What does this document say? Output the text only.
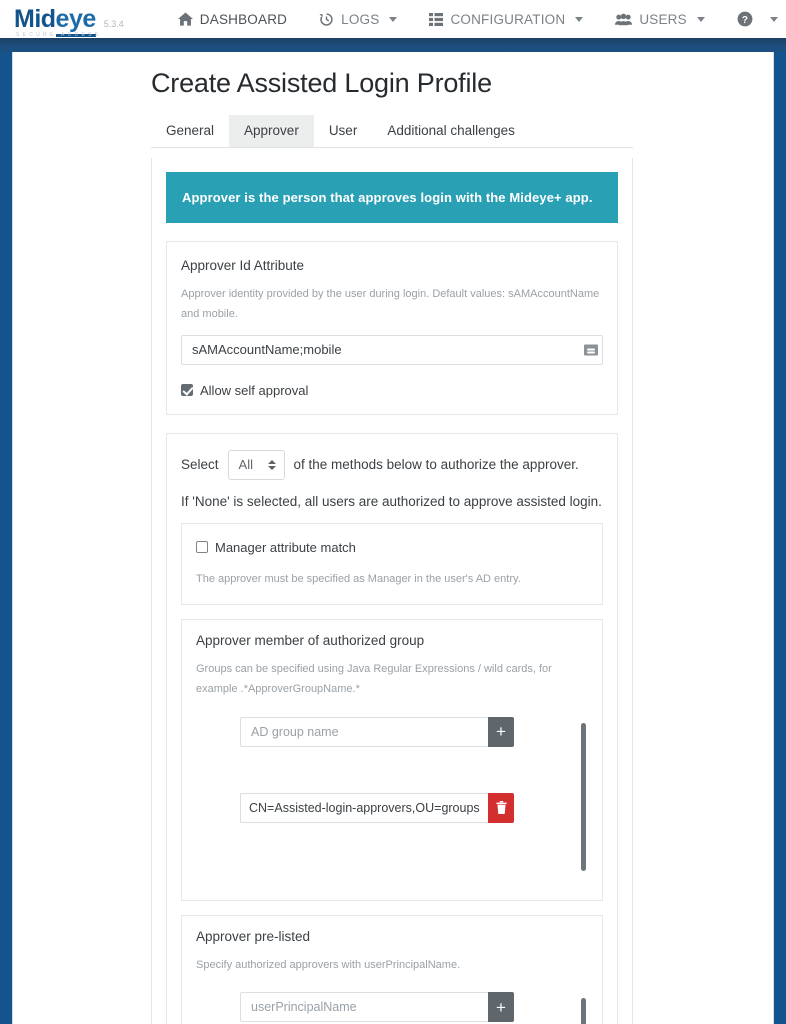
Mideye
SECURE ACCESS
5.3.4	DASHBOARD	LOGS	CONFIGURATION	USERS	?
Create Assisted Login Profile
General	Approver	User	Additional challenges
Approver is the person that approves login with the Mideye+ app.
Approver Id Attribute
Approver identity provided by the user during login. Default values: sAMAccountName and mobile.
sAMAccountName;mobile
Allow self approval
Select All	of the methods below to authorize the approver.

If 'None' is selected, all users are authorized to approve assisted login.

Manager attribute match
The approver must be specified as Manager in the user's AD entry.
Approver member of authorized group
Groups can be specified using Java Regular Expressions / wild cards, for example .*ApproverGroupName.*
AD group name
+
CN=Assisted-login-approvers,OU=groups
Approver pre-listed
Specify authorized approvers with userPrincipalName.
userPrincipalName
+
